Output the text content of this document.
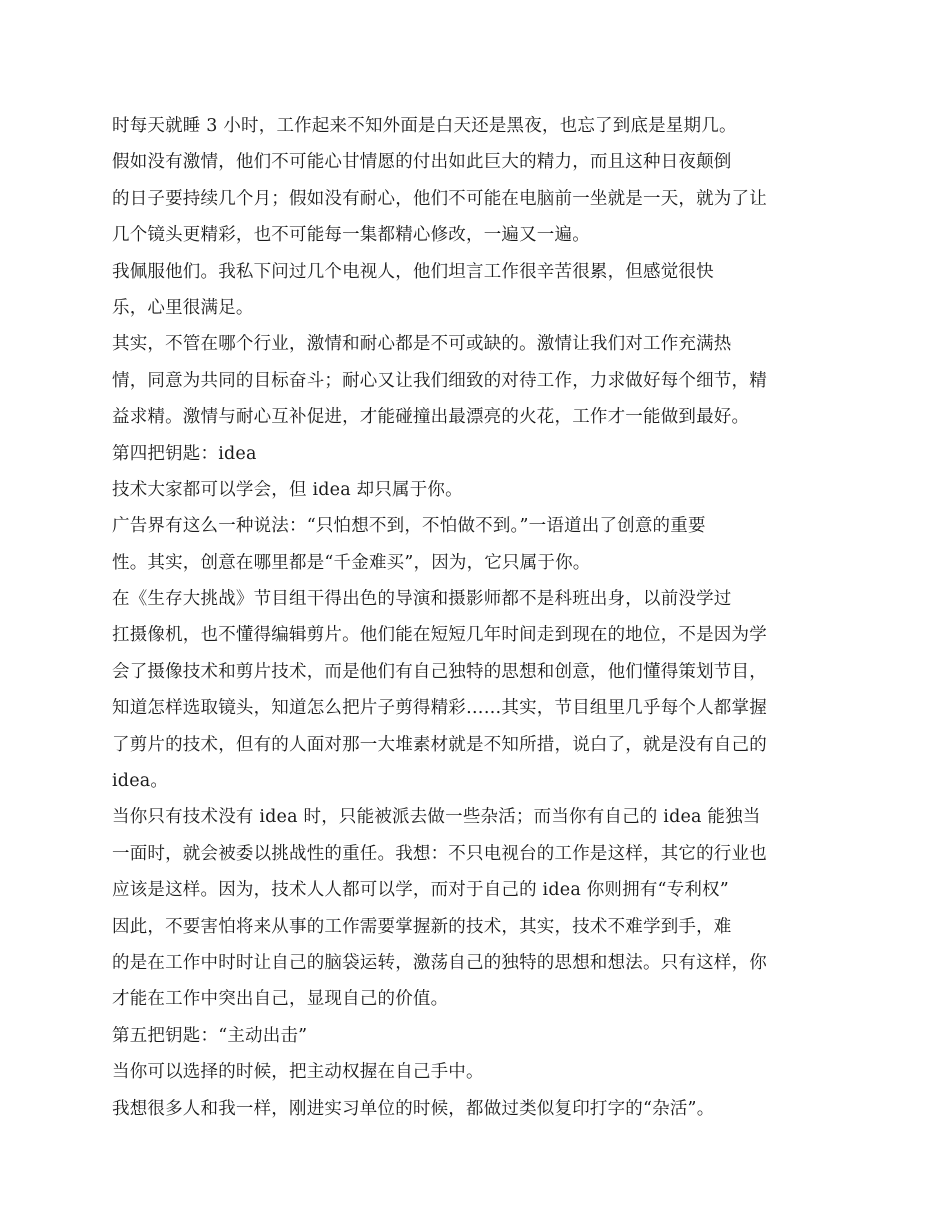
时每天就睡 3 小时，工作起来不知外面是白天还是黑夜，也忘了到底是星期几。
假如没有激情，他们不可能心甘情愿的付出如此巨大的精力，而且这种日夜颠倒
的日子要持续几个月；假如没有耐心，他们不可能在电脑前一坐就是一天，就为了让
几个镜头更精彩，也不可能每一集都精心修改，一遍又一遍。
我佩服他们。我私下问过几个电视人，他们坦言工作很辛苦很累，但感觉很快
乐，心里很满足。
其实，不管在哪个行业，激情和耐心都是不可或缺的。激情让我们对工作充满热
情，同意为共同的目标奋斗；耐心又让我们细致的对待工作，力求做好每个细节，精
益求精。激情与耐心互补促进，才能碰撞出最漂亮的火花，工作才一能做到最好。
第四把钥匙：idea
技术大家都可以学会，但 idea 却只属于你。
广告界有这么一种说法：“只怕想不到，不怕做不到。”一语道出了创意的重要
性。其实，创意在哪里都是“千金难买”，因为，它只属于你。
在《生存大挑战》节目组干得出色的导演和摄影师都不是科班出身，以前没学过
扛摄像机，也不懂得编辑剪片。他们能在短短几年时间走到现在的地位，不是因为学
会了摄像技术和剪片技术，而是他们有自己独特的思想和创意，他们懂得策划节目，
知道怎样选取镜头，知道怎么把片子剪得精彩……其实，节目组里几乎每个人都掌握
了剪片的技术，但有的人面对那一大堆素材就是不知所措，说白了，就是没有自己的
idea。
当你只有技术没有 idea 时，只能被派去做一些杂活；而当你有自己的 idea 能独当
一面时，就会被委以挑战性的重任。我想：不只电视台的工作是这样，其它的行业也
应该是这样。因为，技术人人都可以学，而对于自己的 idea 你则拥有“专利权”
因此，不要害怕将来从事的工作需要掌握新的技术，其实，技术不难学到手，难
的是在工作中时时让自己的脑袋运转，激荡自己的独特的思想和想法。只有这样，你
才能在工作中突出自己，显现自己的价值。
第五把钥匙：“主动出击”
当你可以选择的时候，把主动权握在自己手中。
我想很多人和我一样，刚进实习单位的时候，都做过类似复印打字的“杂活”。
